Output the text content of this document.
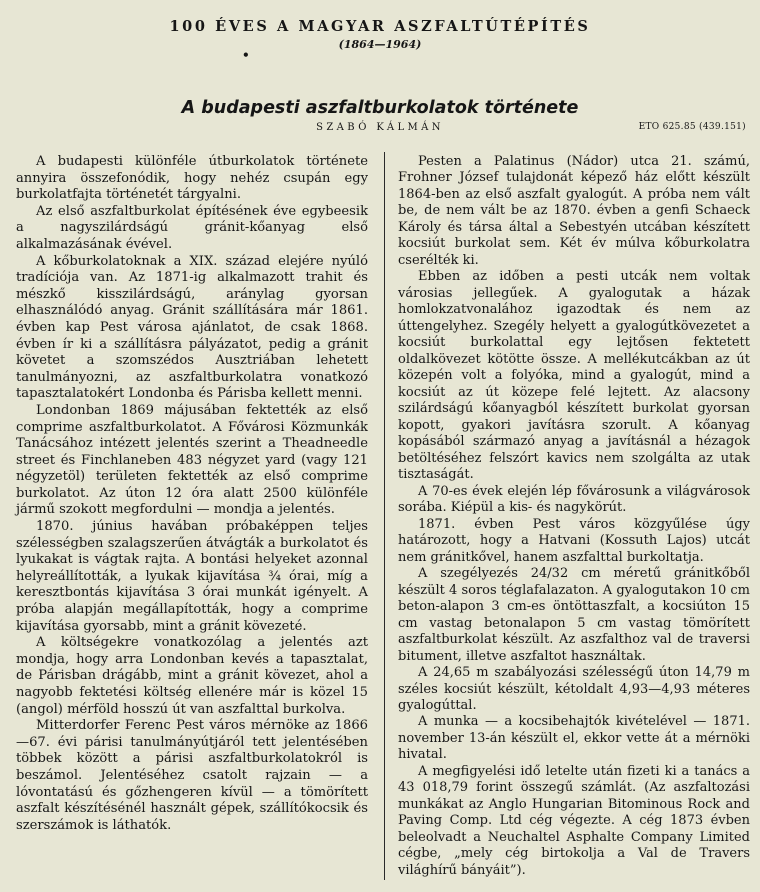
100 ÉVES A MAGYAR ASZFALTÚTÉPÍTÉS
(1864—1964)
•
A budapesti aszfaltburkolatok története
SZABÓ KÁLMÁN	ETO 625.85 (439.151)

A budapesti különféle útburkolatok története annyira összefonódik, hogy nehéz csupán egy burkolatfajta történetét tárgyalni.

Az első aszfaltburkolat építésének éve egybeesik a nagyszilárdságú gránit-kőanyag első alkalmazásának évével.

A kőburkolatoknak a XIX. század elejére nyúló tradíciója van. Az 1871-ig alkalmazott trahit és mészkő kisszilárdságú, aránylag gyorsan elhasználódó anyag. Gránit szállítására már 1861. évben kap Pest városa ajánlatot, de csak 1868. évben ír ki a szállításra pályázatot, pedig a gránit követet a szomszédos Ausztriában lehetett tanulmányozni, az aszfaltburkolatra vonatkozó tapasztalatokért Londonba és Párisba kellett menni.

Londonban 1869 májusában fektették az első comprime aszfaltburkolatot. A Fővárosi Közmunkák Tanácsához intézett jelentés szerint a Theadneedle street és Finchlaneben 483 négyzet yard (vagy 121 négyzetöl) területen fektették az első comprime burkolatot. Az úton 12 óra alatt 2500 különféle jármű szokott megfordulni — mondja a jelentés.

1870. június havában próbaképpen teljes szélességben szalagszerűen átvágták a burkolatot és lyukakat is vágtak rajta. A bontási helyeket azonnal helyreállították, a lyukak kijavítása ¾ órai, míg a keresztbontás kijavítása 3 órai munkát igényelt. A próba alapján megállapították, hogy a comprime kijavítása gyorsabb, mint a gránit kövezeté.

A költségekre vonatkozólag a jelentés azt mondja, hogy arra Londonban kevés a tapasztalat, de Párisban drágább, mint a gránit kövezet, ahol a nagyobb fektetési költség ellenére már is közel 15 (angol) mérföld hosszú út van aszfalttal burkolva.

Mitterdorfer Ferenc Pest város mérnöke az 1866—67. évi párisi tanulmányútjáról tett jelentésében többek között a párisi aszfaltburkolatokról is beszámol. Jelentéséhez csatolt rajzain — a lóvontatású és gőzhengeren kívül — a tömörített aszfalt készítésénél használt gépek, szállítókocsik és szerszámok is láthatók.

Pesten a Palatinus (Nádor) utca 21. számú, Frohner József tulajdonát képező ház előtt készült 1864-ben az első aszfalt gyalogút. A próba nem vált be, de nem vált be az 1870. évben a genfi Schaeck Károly és társa által a Sebestyén utcában készített kocsiút burkolat sem. Két év múlva kőburkolatra cserélték ki.

Ebben az időben a pesti utcák nem voltak városias jellegűek. A gyalogutak a házak homlokzatvonalához igazodtak és nem az úttengelyhez. Szegély helyett a gyalogútkövezetet a kocsiút burkolattal egy lejtősen fektetett oldalkövezet kötötte össze. A mellékutcákban az út közepén volt a folyóka, mind a gyalogút, mind a kocsiút az út közepe felé lejtett. Az alacsony szilárdságú kőanyagból készített burkolat gyorsan kopott, gyakori javításra szorult. A kőanyag kopásából származó anyag a javításnál a hézagok betöltéséhez felszórt kavics nem szolgálta az utak tisztaságát.

A 70-es évek elején lép fővárosunk a világvárosok sorába. Kiépül a kis- és nagykörút.

1871. évben Pest város közgyűlése úgy határozott, hogy a Hatvani (Kossuth Lajos) utcát nem gránitkővel, hanem aszfalttal burkoltatja.

A szegélyezés 24/32 cm méretű gránitkőből készült 4 soros téglafalazaton. A gyalogutakon 10 cm beton-alapon 3 cm-es öntöttaszfalt, a kocsiúton 15 cm vastag betonalapon 5 cm vastag tömörített aszfaltburkolat készült. Az aszfalthoz val de traversi bitument, illetve aszfaltot használtak.

A 24,65 m szabályozási szélességű úton 14,79 m széles kocsiút készült, kétoldalt 4,93—4,93 méteres gyalogúttal.

A munka — a kocsibehajtók kivételével — 1871. november 13-án készült el, ekkor vette át a mérnöki hivatal.

A megfigyelési idő letelte után fizeti ki a tanács a 43 018,79 forint összegű számlát. (Az aszfaltozási munkákat az Anglo Hungarian Bitominous Rock and Paving Comp. Ltd cég végezte. A cég 1873 évben beleolvadt a Neuchaltel Asphalte Company Limited cégbe, „mely cég birtokolja a Val de Travers világhírű bányáit”).
